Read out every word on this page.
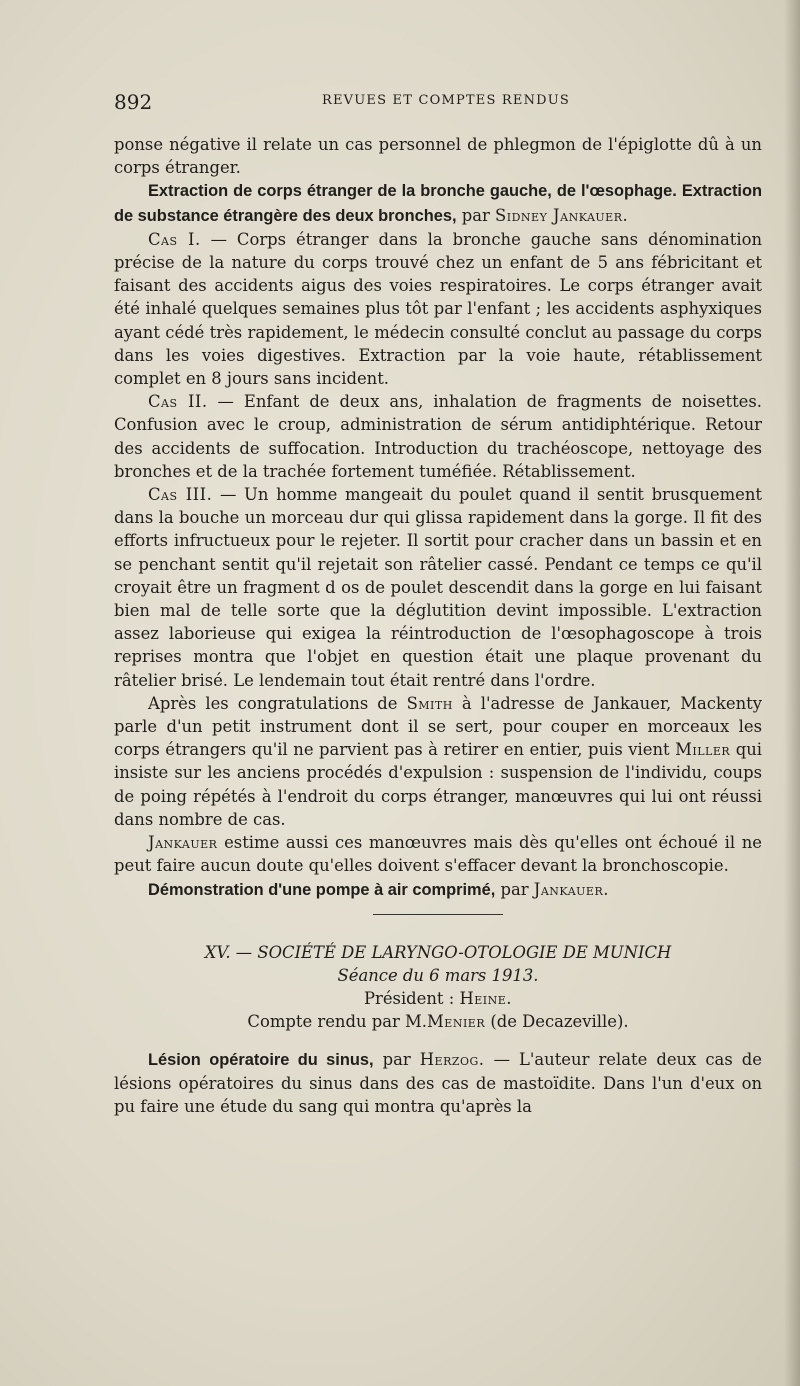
892	REVUES ET COMPTES RENDUS

ponse négative il relate un cas personnel de phlegmon de l'épiglotte dû à un corps étranger.

Extraction de corps étranger de la bronche gauche, de l'œsophage. Extraction de substance étrangère des deux bronches, par Sidney Jankauer.

Cas I. — Corps étranger dans la bronche gauche sans dénomination précise de la nature du corps trouvé chez un enfant de 5 ans fébricitant et faisant des accidents aigus des voies respiratoires. Le corps étranger avait été inhalé quelques semaines plus tôt par l'enfant ; les accidents asphyxiques ayant cédé très rapidement, le médecin consulté conclut au passage du corps dans les voies digestives. Extraction par la voie haute, rétablissement complet en 8 jours sans incident.

Cas II. — Enfant de deux ans, inhalation de fragments de noisettes. Confusion avec le croup, administration de sérum antidiphtérique. Retour des accidents de suffocation. Introduction du trachéoscope, nettoyage des bronches et de la trachée fortement tuméfiée. Rétablissement.

Cas III. — Un homme mangeait du poulet quand il sentit brusquement dans la bouche un morceau dur qui glissa rapidement dans la gorge. Il fit des efforts infructueux pour le rejeter. Il sortit pour cracher dans un bassin et en se penchant sentit qu'il rejetait son râtelier cassé. Pendant ce temps ce qu'il croyait être un fragment d os de poulet descendit dans la gorge en lui faisant bien mal de telle sorte que la déglutition devint impossible. L'extraction assez laborieuse qui exigea la réintroduction de l'œsophagoscope à trois reprises montra que l'objet en question était une plaque provenant du râtelier brisé. Le lendemain tout était rentré dans l'ordre.

Après les congratulations de Smith à l'adresse de Jankauer, Mackenty parle d'un petit instrument dont il se sert, pour couper en morceaux les corps étrangers qu'il ne parvient pas à retirer en entier, puis vient Miller qui insiste sur les anciens procédés d'expulsion : suspension de l'individu, coups de poing répétés à l'endroit du corps étranger, manœuvres qui lui ont réussi dans nombre de cas.

Jankauer estime aussi ces manœuvres mais dès qu'elles ont échoué il ne peut faire aucun doute qu'elles doivent s'effacer devant la bronchoscopie.

Démonstration d'une pompe à air comprimé, par Jankauer.

XV. — SOCIÉTÉ DE LARYNGO-OTOLOGIE DE MUNICH

Séance du 6 mars 1913.

Président : Heine.

Compte rendu par M.Menier (de Decazeville).

Lésion opératoire du sinus, par Herzog. — L'auteur relate deux cas de lésions opératoires du sinus dans des cas de mastoïdite. Dans l'un d'eux on pu faire une étude du sang qui montra qu'après la
